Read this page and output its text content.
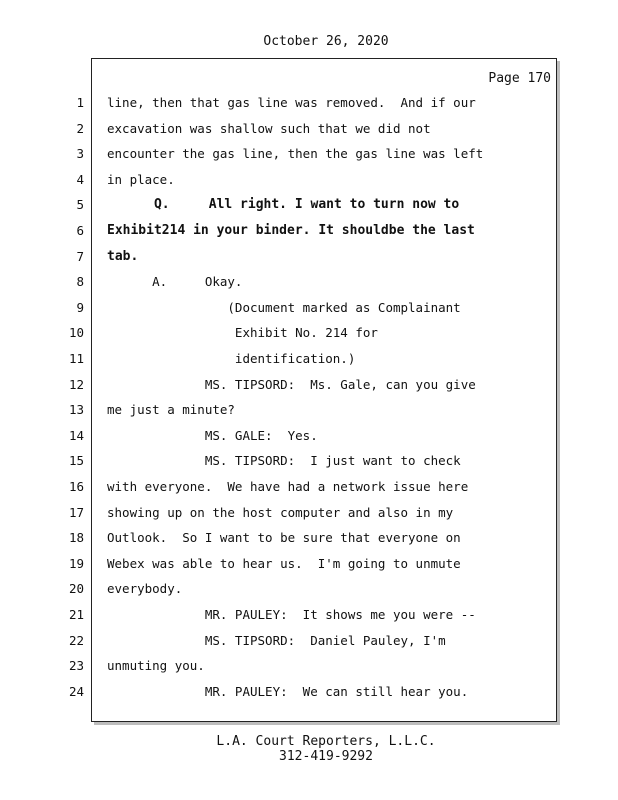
October 26, 2020
Page 170
1 line, then that gas line was removed.  And if our
2 excavation was shallow such that we did not
3 encounter the gas line, then the gas line was left
4 in place.
5 Q.     All right. I want to turn now to
6 Exhibit214 in your binder. It shouldbe the last
7 tab.
8 A.     Okay.
9 (Document marked as Complainant
10 Exhibit No. 214 for
11 identification.)
12 MS. TIPSORD:  Ms. Gale, can you give
13 me just a minute?
14 MS. GALE:  Yes.
15 MS. TIPSORD:  I just want to check
16 with everyone.  We have had a network issue here
17 showing up on the host computer and also in my
18 Outlook.  So I want to be sure that everyone on
19 Webex was able to hear us.  I'm going to unmute
20 everybody.
21 MR. PAULEY:  It shows me you were --
22 MS. TIPSORD:  Daniel Pauley, I'm
23 unmuting you.
24 MR. PAULEY:  We can still hear you.
L.A. Court Reporters, L.L.C.
312-419-9292
